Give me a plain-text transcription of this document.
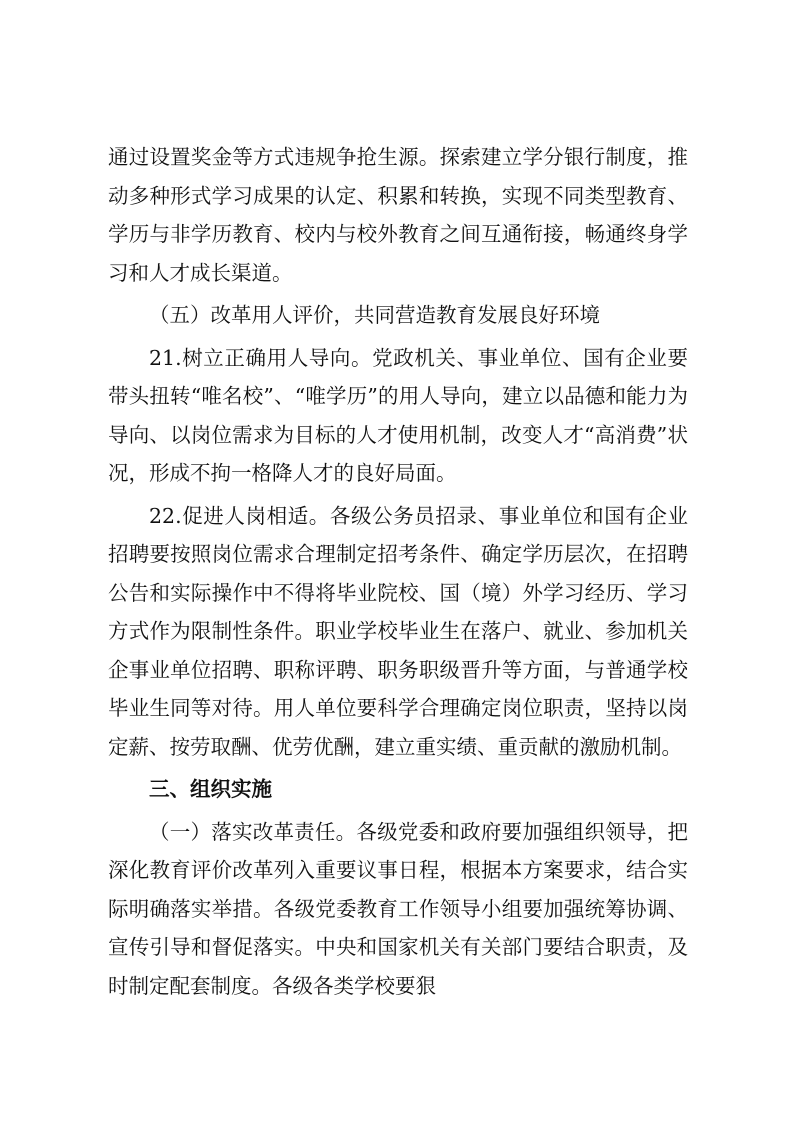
通过设置奖金等方式违规争抢生源。探索建立学分银行制度，推动多种形式学习成果的认定、积累和转换，实现不同类型教育、学历与非学历教育、校内与校外教育之间互通衔接，畅通终身学习和人才成长渠道。

（五）改革用人评价，共同营造教育发展良好环境

21.树立正确用人导向。党政机关、事业单位、国有企业要带头扭转“唯名校”、“唯学历”的用人导向，建立以品德和能力为导向、以岗位需求为目标的人才使用机制，改变人才“高消费”状况，形成不拘一格降人才的良好局面。

22.促进人岗相适。各级公务员招录、事业单位和国有企业招聘要按照岗位需求合理制定招考条件、确定学历层次，在招聘公告和实际操作中不得将毕业院校、国（境）外学习经历、学习方式作为限制性条件。职业学校毕业生在落户、就业、参加机关企事业单位招聘、职称评聘、职务职级晋升等方面，与普通学校毕业生同等对待。用人单位要科学合理确定岗位职责，坚持以岗定薪、按劳取酬、优劳优酬，建立重实绩、重贡献的激励机制。

三、组织实施

（一）落实改革责任。各级党委和政府要加强组织领导，把深化教育评价改革列入重要议事日程，根据本方案要求，结合实际明确落实举措。各级党委教育工作领导小组要加强统筹协调、宣传引导和督促落实。中央和国家机关有关部门要结合职责，及时制定配套制度。各级各类学校要狠
